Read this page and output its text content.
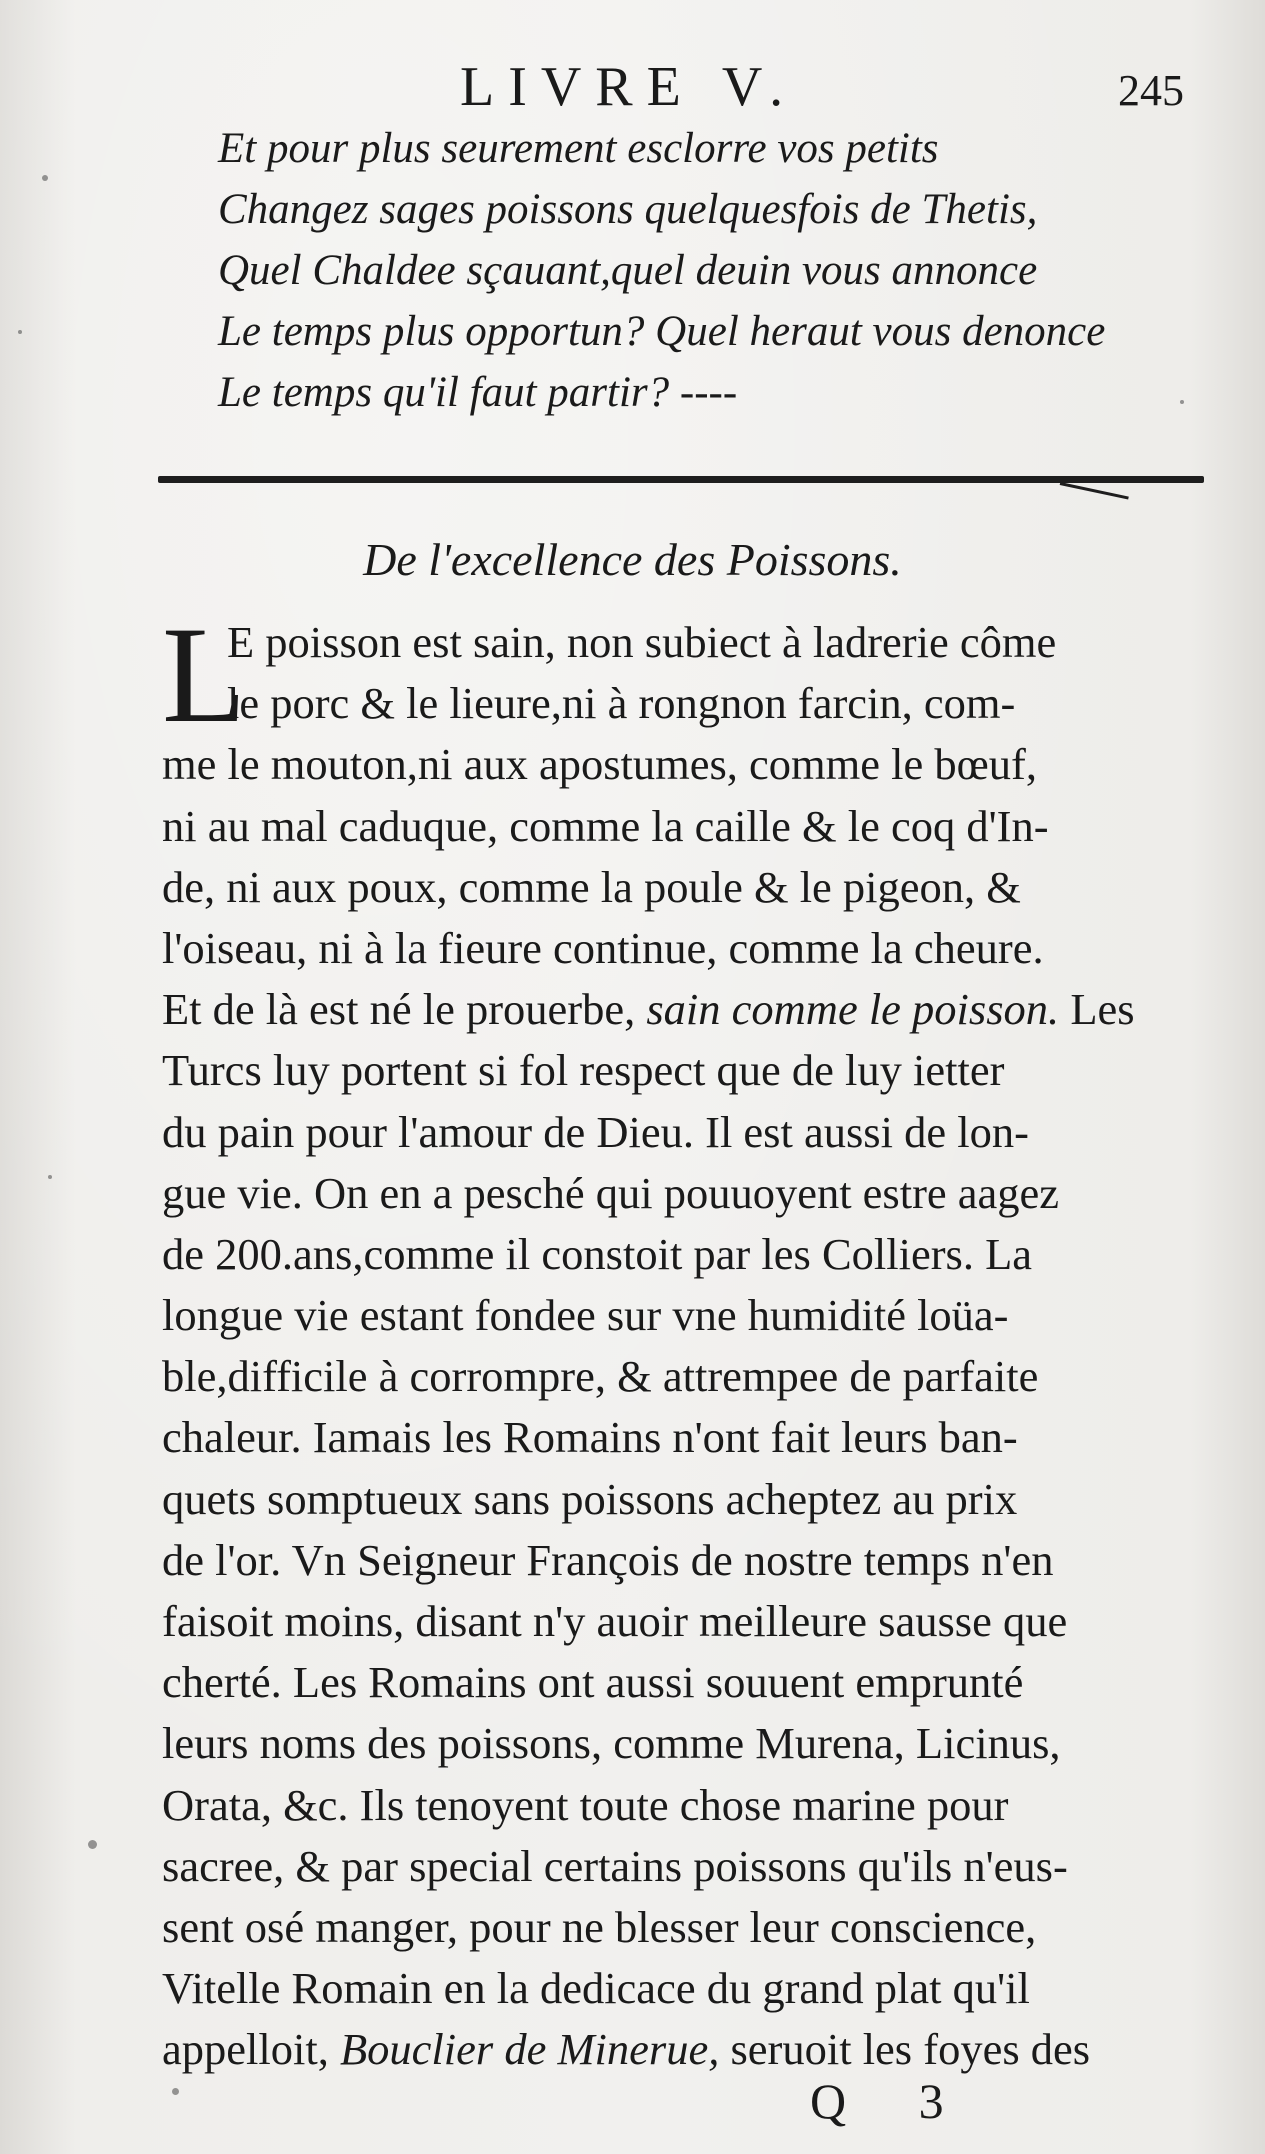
LIVRE V.	245
Et pour plus seurement esclorre vos petits
Changez sages poissons quelquesfois de Thetis,
Quel Chaldee sçauant,quel deuin vous annonce
Le temps plus opportun? Quel heraut vous denonce
Le temps qu'il faut partir? ----
De l'excellence des Poissons.
L
E poisson est sain, non subiect à ladrerie côme
le porc & le lieure,ni à rongnon farcin, com-
me le mouton,ni aux apostumes, comme le bœuf,
ni au mal caduque, comme la caille & le coq d'In-
de, ni aux poux, comme la poule & le pigeon, &
l'oiseau, ni à la fieure continue, comme la cheure.
Et de là est né le prouerbe, sain comme le poisson. Les
Turcs luy portent si fol respect que de luy ietter
du pain pour l'amour de Dieu. Il est aussi de lon-
gue vie. On en a pesché qui pouuoyent estre aagez
de 200.ans,comme il constoit par les Colliers. La
longue vie estant fondee sur vne humidité loüa-
ble,difficile à corrompre, & attrempee de parfaite
chaleur. Iamais les Romains n'ont fait leurs ban-
quets somptueux sans poissons acheptez au prix
de l'or. Vn Seigneur François de nostre temps n'en
faisoit moins, disant n'y auoir meilleure sausse que
cherté. Les Romains ont aussi souuent emprunté
leurs noms des poissons, comme Murena, Licinus,
Orata, &c. Ils tenoyent toute chose marine pour
sacree, & par special certains poissons qu'ils n'eus-
sent osé manger, pour ne blesser leur conscience,
Vitelle Romain en la dedicace du grand plat qu'il
appelloit, Bouclier de Minerue, seruoit les foyes des
Q 3
